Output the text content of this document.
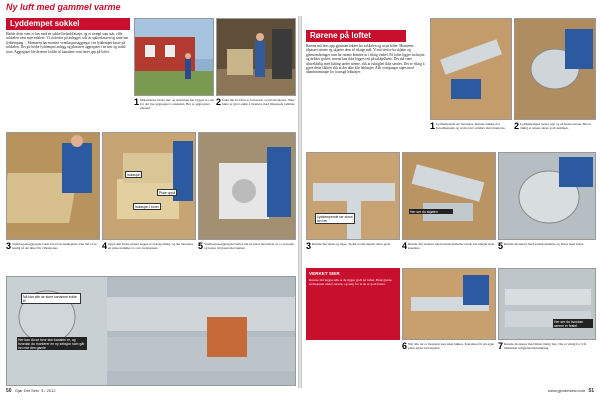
Ny luft med gammel varme
Lyddempet sokkel
Hadde dette vært et hus med en sokkel behadd etasje, og et stempl som står, ville sokkelen vært mye enklere. Vi så derfor på anlegget, tok av spikerkassen og satte inn lyddemping ... Montøren har montert ventilasjonsaggregat i en lyddempet kasse på sokkelen. Det gir bedre lyddempet anlegg og plasserer aggregatet i en tørr og stabil sone. Aggregatet ble deretter koblet til kanalene som føres opp på loftet.
1 Materialene bæres inn, og montøren har bygget et rom for det nye aggregatet i sokkelen. Her er aggregatet plassert.
2 Luke inn til loftet er forberedt, og må monteres. Slike luker er gjort enkle å montere med tilpassede rammer.
Isolasjon
Isolasjon i bunn
Plate oppå
3 Ventilasjonsaggregatet skal stå på en bunkeplate. Det må være stødig så det ikke blir vibrasjoner.	4 Oppå den første platen legges et isolasjonslag, og det monteres en plate nummer to over isolasjonen.	5 Ventilasjonsaggregatet løftes inn på plass med hjelp av to personer og festes til platen med skruer.
Nå kan alle de store kanalene koble til
Her kan du se hvor stor kanalen er, og hvordan du monterer en ny seksjon som går inn mot den gamle
Rørene på loftet
Rørene må dras opp gjennom tekket fra sokkelen og ut på loftet. Montøren tilpasset rørene og skjærer dem til riktige mål. Vi må derfor ha skjøter og gjennomføringer som lar rørene komme ut i riktig vinkel. På loftet ligger isolasjon og dekker gulvet; rørene kan ikke legges rett på takbjelkene. Det må være tilstrekkelig med lufting under rørene, slik at fuktighet ikke samles. Det er viktig å gjøre dette sikkert slik at det ikke blir lekkasjer. Alle overganger tapes med aluminiumstape for å unngå lekkasjer.
1 Lyddempende rør monteres. Rørene trekkes fra hovedkanalen og ut mot der ventiler skal monteres. 2 Lyddempingen bøyes opp og så festes rørene. Det er viktig at rørene skrus godt sammen.
Lyddempende rør skrus inn her
Her ser du skjøten
3 Rørene må skrus og tapes. Sjekk at alle skjøter sitter godt.	4 Rørene må isoleres med isolasjonsmatter rundt. Da unngår man kondens.	5 Rørene monteres med isolasjonsmatte og festes med strips.
VERKET SIER
Rørene må legges slik at de ligger godt på loftet. Bruk gjerne isolasjonen under rørene, og sørg for at de er godt festet.
Her ser du hvordan rørene er festet
6 Når alle rør er monterte kan taket lukkes. Kanalene får sin egen plass under isolasjonen.	7 Rørene monteres med minst mulig bøy. Det er viktig for å få maksimal luftgjennomstrømning.
50 Gjør Det Selv 3 / 2012	www.gjordetselv.com 51
